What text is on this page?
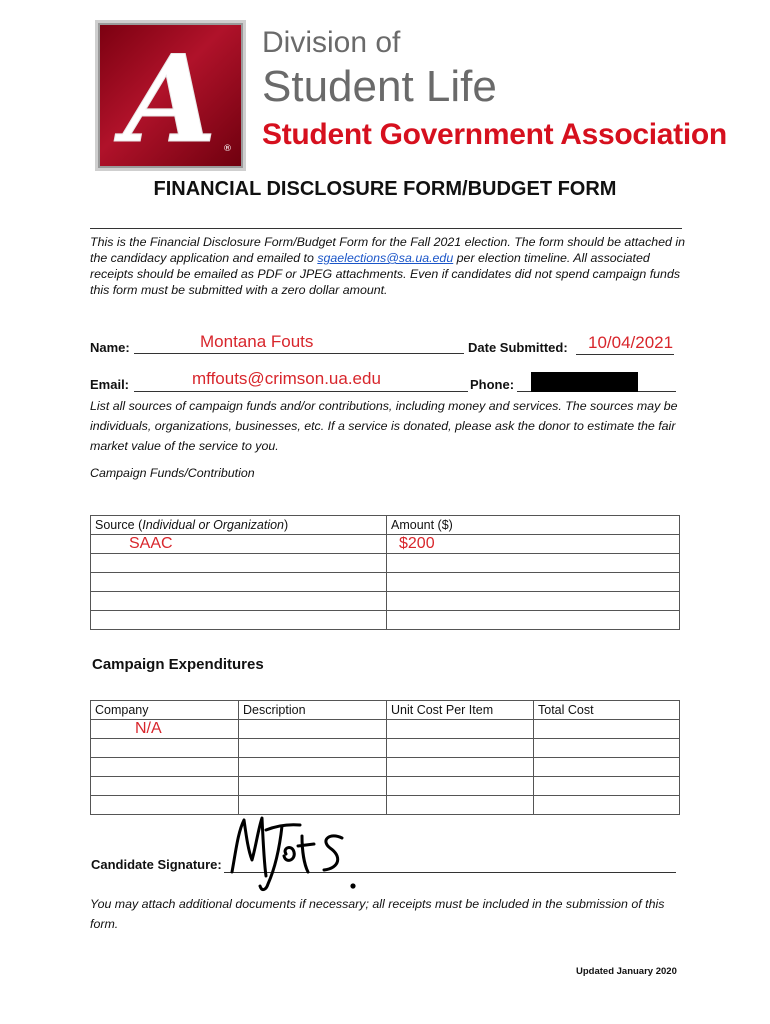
A ®
Division of
Student Life
Student Government Association
FINANCIAL DISCLOSURE FORM/BUDGET FORM
This is the Financial Disclosure Form/Budget Form for the Fall 2021 election. The form should be attached in the candidacy application and emailed to sgaelections@sa.ua.edu per election timeline. All associated receipts should be emailed as PDF or JPEG attachments. Even if candidates did not spend campaign funds this form must be submitted with a zero dollar amount.
Name:	Montana Fouts	Date Submitted: 10/04/2021
Email:	mffouts@crimson.ua.edu	Phone:
List all sources of campaign funds and/or contributions, including money and services. The sources may be individuals, organizations, businesses, etc. If a service is donated, please ask the donor to estimate the fair market value of the service to you.
Campaign Funds/Contribution
Source (Individual or Organization)	Amount ($)
SAAC	$200

Campaign Expenditures
Company	Description	Unit Cost Per Item	Total Cost
N/A			

Candidate Signature:
You may attach additional documents if necessary; all receipts must be included in the submission of this form.
Updated January 2020
